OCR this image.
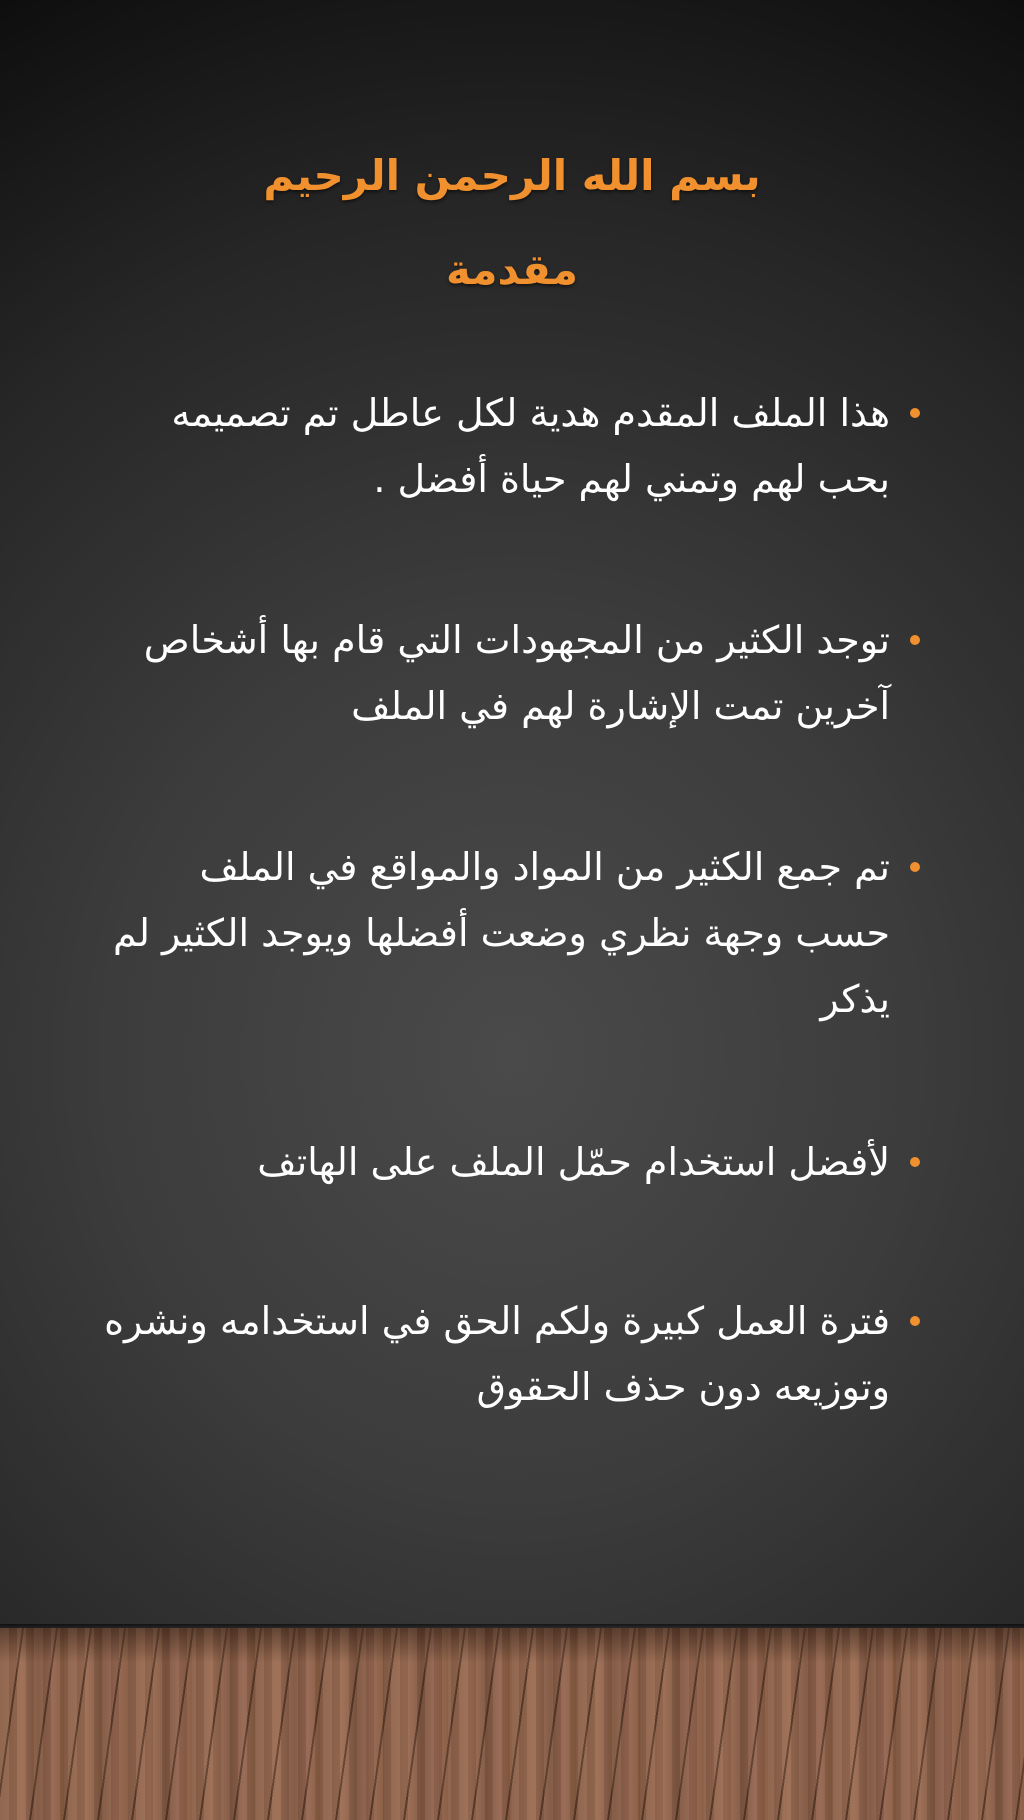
بسم الله الرحمن الرحيم
مقدمة
هذا الملف المقدم هدية لكل عاطل تم تصميمه بحب لهم وتمني لهم حياة أفضل .
توجد الكثير من المجهودات التي قام بها أشخاص آخرين تمت الإشارة لهم في الملف
تم جمع الكثير من المواد والمواقع في الملف حسب وجهة نظري وضعت أفضلها ويوجد الكثير لم يذكر
لأفضل استخدام حمّل الملف على الهاتف
فترة العمل كبيرة ولكم الحق في استخدامه ونشره وتوزيعه دون حذف الحقوق
